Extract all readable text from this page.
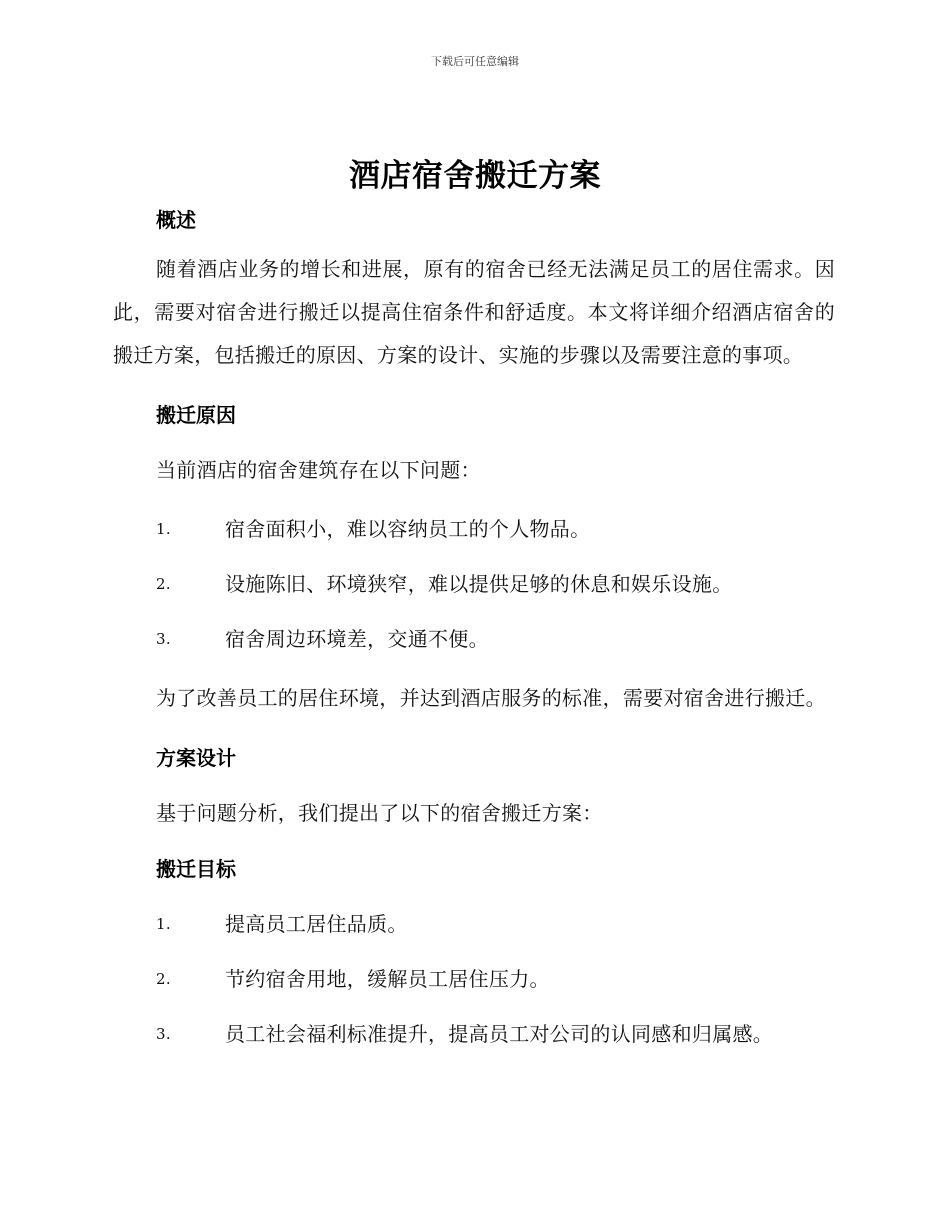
下载后可任意编辑
酒店宿舍搬迁方案
概述

随着酒店业务的增长和进展，原有的宿舍已经无法满足员工的居住需求。因此，需要对宿舍进行搬迁以提高住宿条件和舒适度。本文将详细介绍酒店宿舍的搬迁方案，包括搬迁的原因、方案的设计、实施的步骤以及需要注意的事项。

搬迁原因

当前酒店的宿舍建筑存在以下问题：

1.	宿舍面积小，难以容纳员工的个人物品。
2.	设施陈旧、环境狭窄，难以提供足够的休息和娱乐设施。
3.	宿舍周边环境差，交通不便。

为了改善员工的居住环境，并达到酒店服务的标准，需要对宿舍进行搬迁。

方案设计

基于问题分析，我们提出了以下的宿舍搬迁方案：

搬迁目标
1.	提高员工居住品质。
2.	节约宿舍用地，缓解员工居住压力。
3.	员工社会福利标准提升，提高员工对公司的认同感和归属感。
